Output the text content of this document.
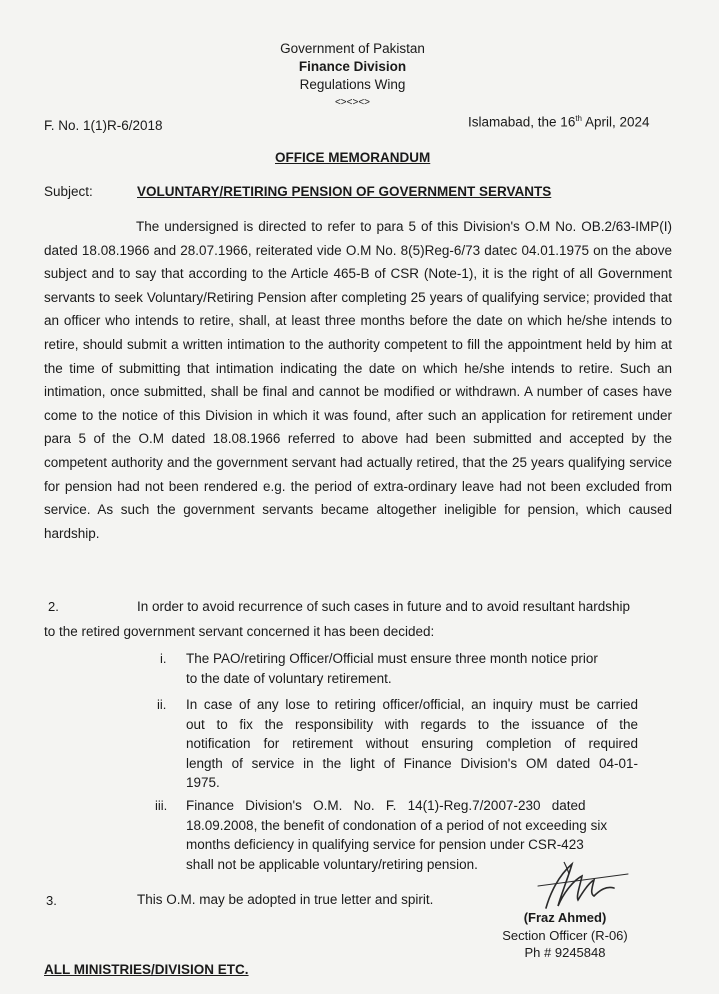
Government of Pakistan
Finance Division
Regulations Wing
<><><>
F. No. 1(1)R-6/2018	Islamabad, the 16th April, 2024
OFFICE MEMORANDUM
Subject:	VOLUNTARY/RETIRING PENSION OF GOVERNMENT SERVANTS
The undersigned is directed to refer to para 5 of this Division's O.M No. OB.2/63-IMP(I) dated 18.08.1966 and 28.07.1966, reiterated vide O.M No. 8(5)Reg-6/73 datec 04.01.1975 on the above subject and to say that according to the Article 465-B of CSR (Note-1), it is the right of all Government servants to seek Voluntary/Retiring Pension after completing 25 years of qualifying service; provided that an officer who intends to retire, shall, at least three months before the date on which he/she intends to retire, should submit a written intimation to the authority competent to fill the appointment held by him at the time of submitting that intimation indicating the date on which he/she intends to retire. Such an intimation, once submitted, shall be final and cannot be modified or withdrawn. A number of cases have come to the notice of this Division in which it was found, after such an application for retirement under para 5 of the O.M dated 18.08.1966 referred to above had been submitted and accepted by the competent authority and the government servant had actually retired, that the 25 years qualifying service for pension had not been rendered e.g. the period of extra-ordinary leave had not been excluded from service. As such the government servants became altogether ineligible for pension, which caused hardship.
2.	In order to avoid recurrence of such cases in future and to avoid resultant hardship
to the retired government servant concerned it has been decided:
i. The PAO/retiring Officer/Official must ensure three month notice prior
to the date of voluntary retirement.
ii. In case of any lose to retiring officer/official, an inquiry must be carried
out to fix the responsibility with regards to the issuance of the
notification for retirement without ensuring completion of required
length of service in the light of Finance Division's OM dated 04-01-
1975.
iii. Finance   Division's   O.M.   No.   F.   14(1)-Reg.7/2007-230   dated
18.09.2008, the benefit of condonation of a period of not exceeding six
months deficiency in qualifying service for pension under CSR-423
shall not be applicable voluntary/retiring pension.
3.	This O.M. may be adopted in true letter and spirit.
(Fraz Ahmed)
Section Officer (R-06)
Ph # 9245848
ALL MINISTRIES/DIVISION ETC.
